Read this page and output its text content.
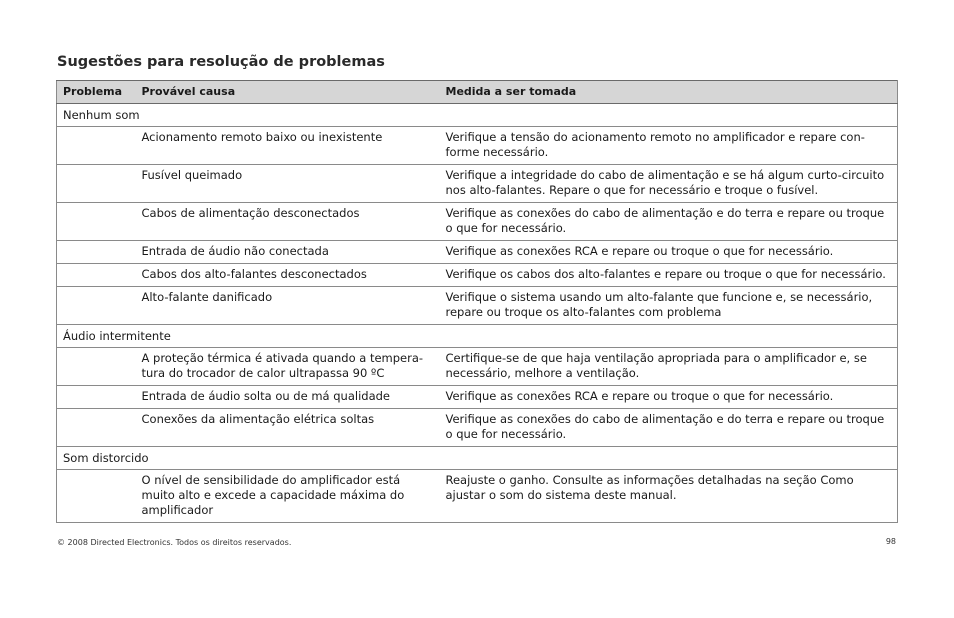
Sugestões para resolução de problemas
Problema	Provável causa	Medida a ser tomada
Nenhum som		
	Acionamento remoto baixo ou inexistente	Verifique a tensão do acionamento remoto no amplificador e repare con-forme necessário.
	Fusível queimado	Verifique a integridade do cabo de alimentação e se há algum curto-circuito nos alto-falantes. Repare o que for necessário e troque o fusível.
	Cabos de alimentação desconectados	Verifique as conexões do cabo de alimentação e do terra e repare ou troque o que for necessário.
	Entrada de áudio não conectada	Verifique as conexões RCA e repare ou troque o que for necessário.
	Cabos dos alto-falantes desconectados	Verifique os cabos dos alto-falantes e repare ou troque o que for necessário.
	Alto-falante danificado	Verifique o sistema usando um alto-falante que funcione e, se necessário, repare ou troque os alto-falantes com problema
Áudio intermitente		
	A proteção térmica é ativada quando a tempera-tura do trocador de calor ultrapassa 90 ºC	Certifique-se de que haja ventilação apropriada para o amplificador e, se necessário, melhore a ventilação.
	Entrada de áudio solta ou de má qualidade	Verifique as conexões RCA e repare ou troque o que for necessário.
	Conexões da alimentação elétrica soltas	Verifique as conexões do cabo de alimentação e do terra e repare ou troque o que for necessário.
Som distorcido		
	O nível de sensibilidade do amplificador está muito alto e excede a capacidade máxima do amplificador	Reajuste o ganho. Consulte as informações detalhadas na seção Como ajustar o som do sistema deste manual.
© 2008 Directed Electronics. Todos os direitos reservados.	98
